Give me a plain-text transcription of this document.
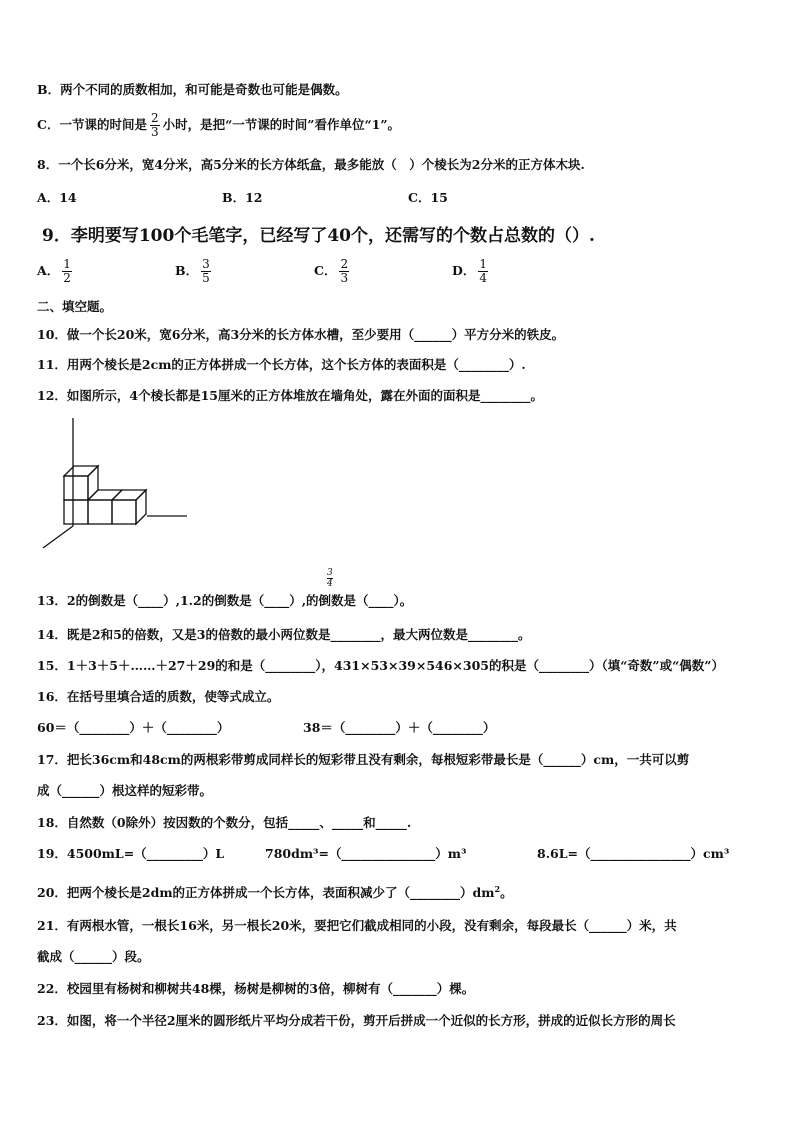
B．两个不同的质数相加，和可能是奇数也可能是偶数。
C．一节课的时间是 $\frac{2}{3}$ 小时，是把“一节课的时间”看作单位“1”。
8．一个长6分米，宽4分米，高5分米的长方体纸盒，最多能放（　）个棱长为2分米的正方体木块.
A．14	B．12	C．15
9．李明要写100个毛笔字，已经写了40个，还需写的个数占总数的（）.
A． $\frac{1}{2}$	B． $\frac{3}{5}$	C． $\frac{2}{3}$	D． $\frac{1}{4}$
二、填空题。
10．做一个长20米，宽6分米，高3分米的长方体水槽，至少要用（______）平方分米的铁皮。
11．用两个棱长是2cm的正方体拼成一个长方体，这个长方体的表面积是（________）.
12．如图所示，4个棱长都是15厘米的正方体堆放在墙角处，露在外面的面积是________。
$\frac{3}{4}$
13．2的倒数是（____）,1.2的倒数是（____）,的倒数是（____）。
14．既是2和5的倍数，又是3的倍数的最小两位数是________，最大两位数是________。
15．1＋3＋5＋……＋27＋29的和是（________），431×53×39×546×305的积是（________）（填“奇数”或“偶数”）
16．在括号里填合适的质数，使等式成立。
60＝（________）＋（________）	38＝（________）＋（________）
17．把长36cm和48cm的两根彩带剪成同样长的短彩带且没有剩余，每根短彩带最长是（______）cm，一共可以剪
成（______）根这样的短彩带。
18．自然数（0除外）按因数的个数分，包括_____、_____和_____.
19．4500mL=（_________）L	780dm³=（_______________）m³	8.6L=（________________）cm³
20．把两个棱长是2dm的正方体拼成一个长方体，表面积减少了$(\_\_\_\_\_\_\_\_)dm^2$。
21．有两根水管，一根长16米，另一根长20米，要把它们截成相同的小段，没有剩余，每段最长（______）米，共
截成（______）段。
22．校园里有杨树和柳树共48棵，杨树是柳树的3倍，柳树有（_______）棵。
23．如图，将一个半径2厘米的圆形纸片平均分成若干份，剪开后拼成一个近似的长方形，拼成的近似长方形的周长
